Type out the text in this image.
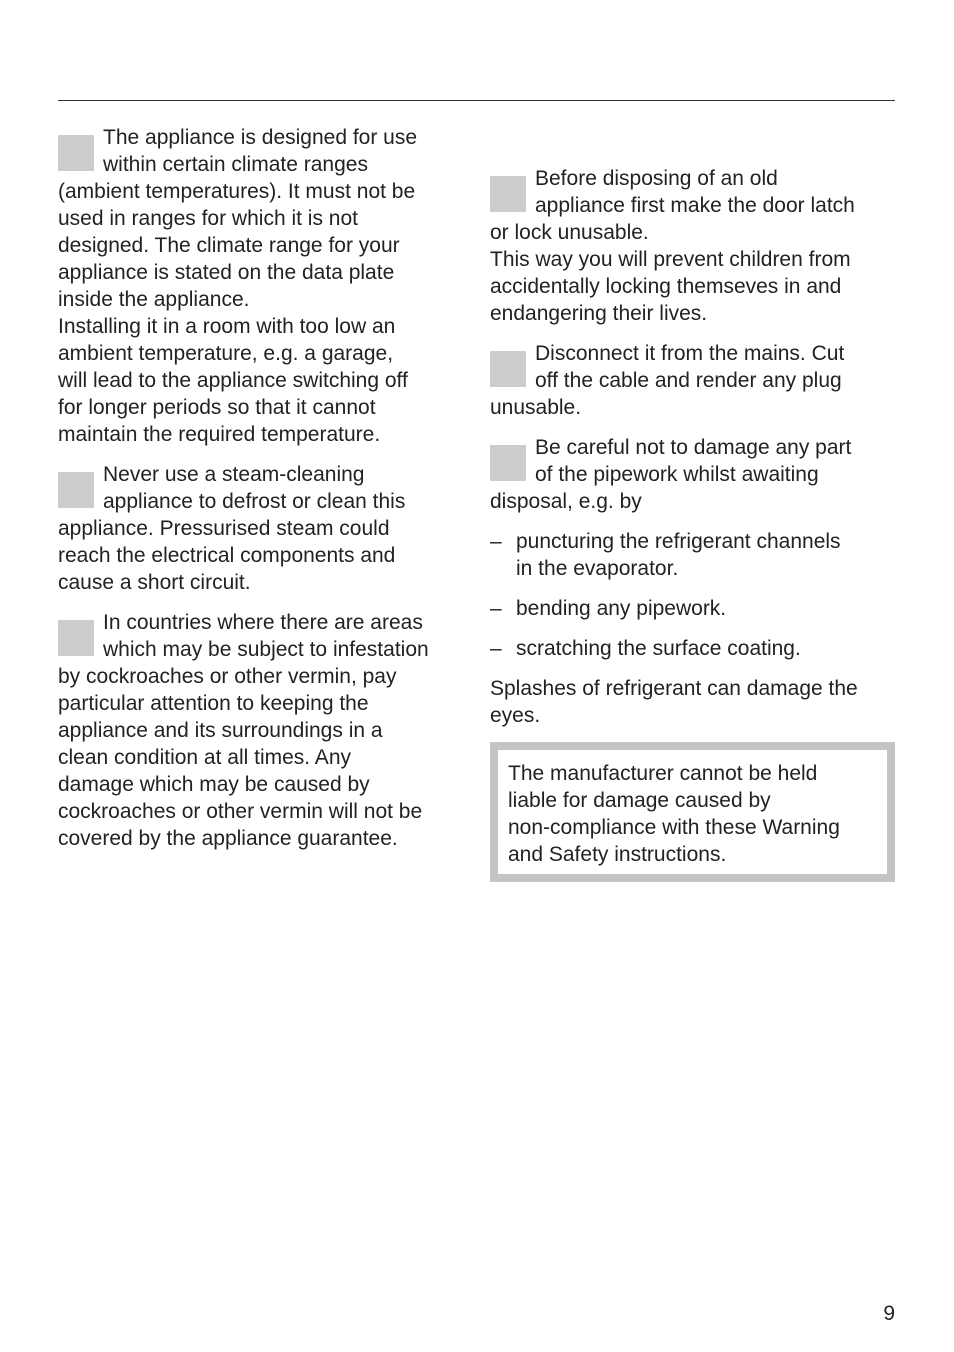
The appliance is designed for use
within certain climate ranges
(ambient temperatures). It must not be
used in ranges for which it is not
designed. The climate range for your
appliance is stated on the data plate
inside the appliance.
Installing it in a room with too low an
ambient temperature, e.g. a garage,
will lead to the appliance switching off
for longer periods so that it cannot
maintain the required temperature.
Never use a steam-cleaning
appliance to defrost or clean this
appliance. Pressurised steam could
reach the electrical components and
cause a short circuit.
In countries where there are areas
which may be subject to infestation
by cockroaches or other vermin, pay
particular attention to keeping the
appliance and its surroundings in a
clean condition at all times. Any
damage which may be caused by
cockroaches or other vermin will not be
covered by the appliance guarantee.
Before disposing of an old
appliance first make the door latch
or lock unusable.
This way you will prevent children from
accidentally locking themseves in and
endangering their lives.
Disconnect it from the mains. Cut
off the cable and render any plug
unusable.
Be careful not to damage any part
of the pipework whilst awaiting
disposal, e.g. by
– puncturing the refrigerant channels
in the evaporator.
– bending any pipework.
– scratching the surface coating.
Splashes of refrigerant can damage the
eyes.
The manufacturer cannot be held
liable for damage caused by
non-compliance with these Warning
and Safety instructions.
9
